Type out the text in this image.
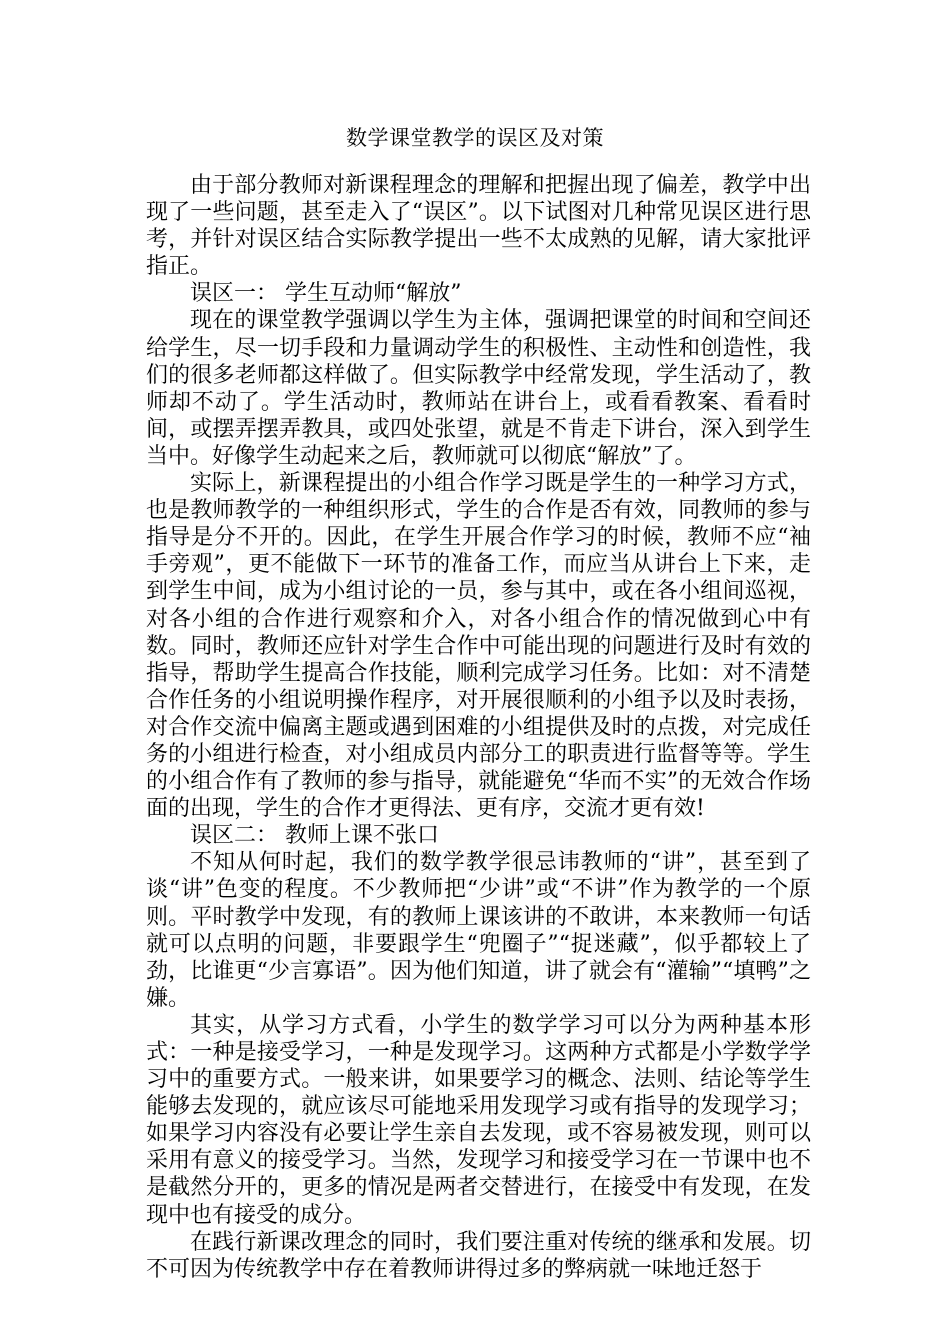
数学课堂教学的误区及对策

由于部分教师对新课程理念的理解和把握出现了偏差，教学中出现了一些问题，甚至走入了“误区”。以下试图对几种常见误区进行思考，并针对误区结合实际教学提出一些不太成熟的见解，请大家批评指正。

误区一： 学生互动师“解放”

现在的课堂教学强调以学生为主体，强调把课堂的时间和空间还给学生，尽一切手段和力量调动学生的积极性、主动性和创造性，我们的很多老师都这样做了。但实际教学中经常发现，学生活动了，教师却不动了。学生活动时，教师站在讲台上，或看看教案、看看时间，或摆弄摆弄教具，或四处张望，就是不肯走下讲台，深入到学生当中。好像学生动起来之后，教师就可以彻底“解放”了。

实际上，新课程提出的小组合作学习既是学生的一种学习方式，也是教师教学的一种组织形式，学生的合作是否有效，同教师的参与指导是分不开的。因此，在学生开展合作学习的时候，教师不应“袖手旁观”，更不能做下一环节的准备工作，而应当从讲台上下来，走到学生中间，成为小组讨论的一员，参与其中，或在各小组间巡视，对各小组的合作进行观察和介入，对各小组合作的情况做到心中有数。同时，教师还应针对学生合作中可能出现的问题进行及时有效的指导，帮助学生提高合作技能，顺利完成学习任务。比如：对不清楚合作任务的小组说明操作程序，对开展很顺利的小组予以及时表扬，对合作交流中偏离主题或遇到困难的小组提供及时的点拨，对完成任务的小组进行检查，对小组成员内部分工的职责进行监督等等。学生的小组合作有了教师的参与指导，就能避免“华而不实”的无效合作场面的出现，学生的合作才更得法、更有序，交流才更有效!

误区二： 教师上课不张口

不知从何时起，我们的数学教学很忌讳教师的“讲”，甚至到了谈“讲”色变的程度。不少教师把“少讲”或“不讲”作为教学的一个原则。平时教学中发现，有的教师上课该讲的不敢讲，本来教师一句话就可以点明的问题，非要跟学生“兜圈子”“捉迷藏”，似乎都较上了劲，比谁更“少言寡语”。因为他们知道，讲了就会有“灌输”“填鸭”之嫌。

其实，从学习方式看，小学生的数学学习可以分为两种基本形式：一种是接受学习，一种是发现学习。这两种方式都是小学数学学习中的重要方式。一般来讲，如果要学习的概念、法则、结论等学生能够去发现的，就应该尽可能地采用发现学习或有指导的发现学习；如果学习内容没有必要让学生亲自去发现，或不容易被发现，则可以采用有意义的接受学习。当然，发现学习和接受学习在一节课中也不是截然分开的，更多的情况是两者交替进行，在接受中有发现，在发现中也有接受的成分。

在践行新课改理念的同时，我们要注重对传统的继承和发展。切不可因为传统教学中存在着教师讲得过多的弊病就一味地迁怒于
